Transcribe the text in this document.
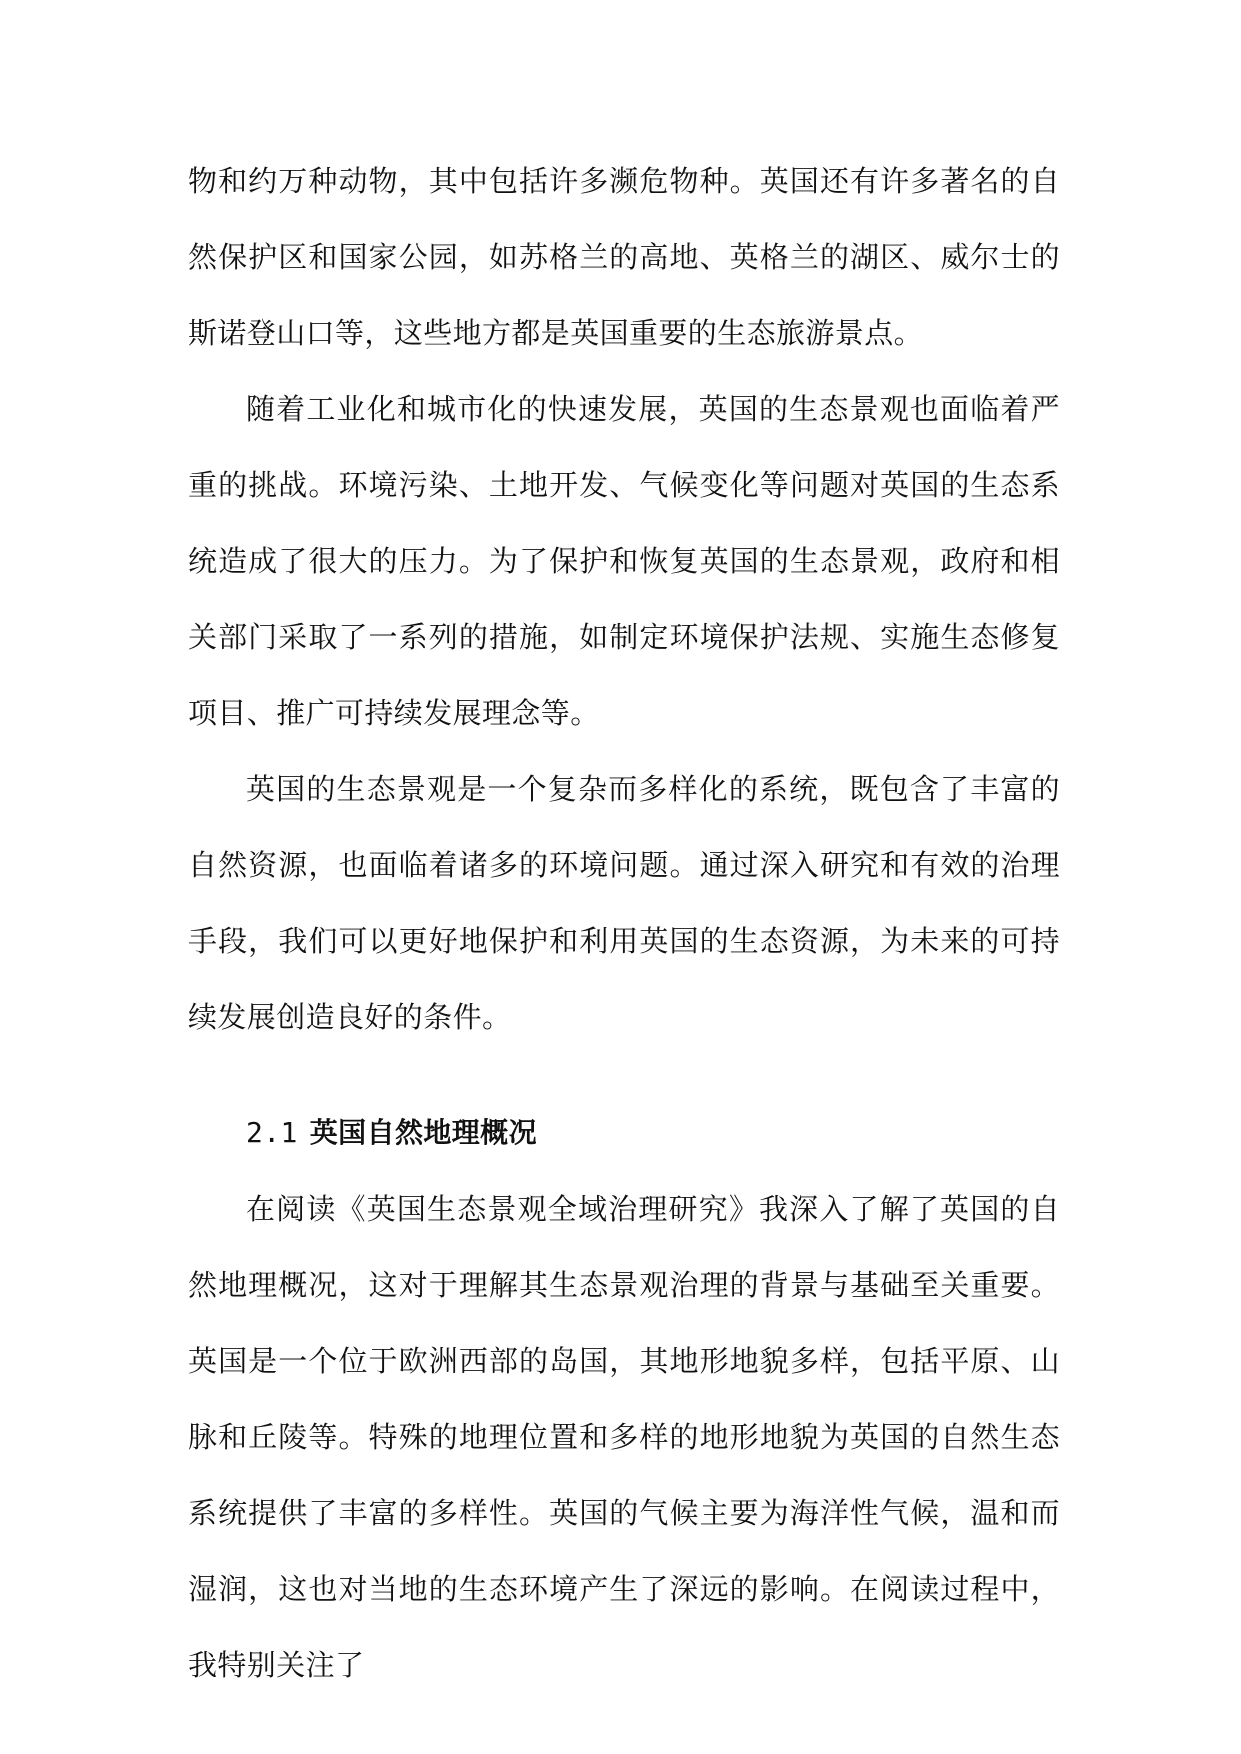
物和约万种动物，其中包括许多濒危物种。英国还有许多著名的自然保护区和国家公园，如苏格兰的高地、英格兰的湖区、威尔士的斯诺登山口等，这些地方都是英国重要的生态旅游景点。

随着工业化和城市化的快速发展，英国的生态景观也面临着严重的挑战。环境污染、土地开发、气候变化等问题对英国的生态系统造成了很大的压力。为了保护和恢复英国的生态景观，政府和相关部门采取了一系列的措施，如制定环境保护法规、实施生态修复项目、推广可持续发展理念等。

英国的生态景观是一个复杂而多样化的系统，既包含了丰富的自然资源，也面临着诸多的环境问题。通过深入研究和有效的治理手段，我们可以更好地保护和利用英国的生态资源，为未来的可持续发展创造良好的条件。

2.1 英国自然地理概况

在阅读《英国生态景观全域治理研究》我深入了解了英国的自然地理概况，这对于理解其生态景观治理的背景与基础至关重要。英国是一个位于欧洲西部的岛国，其地形地貌多样，包括平原、山脉和丘陵等。特殊的地理位置和多样的地形地貌为英国的自然生态系统提供了丰富的多样性。英国的气候主要为海洋性气候，温和而湿润，这也对当地的生态环境产生了深远的影响。在阅读过程中，我特别关注了
